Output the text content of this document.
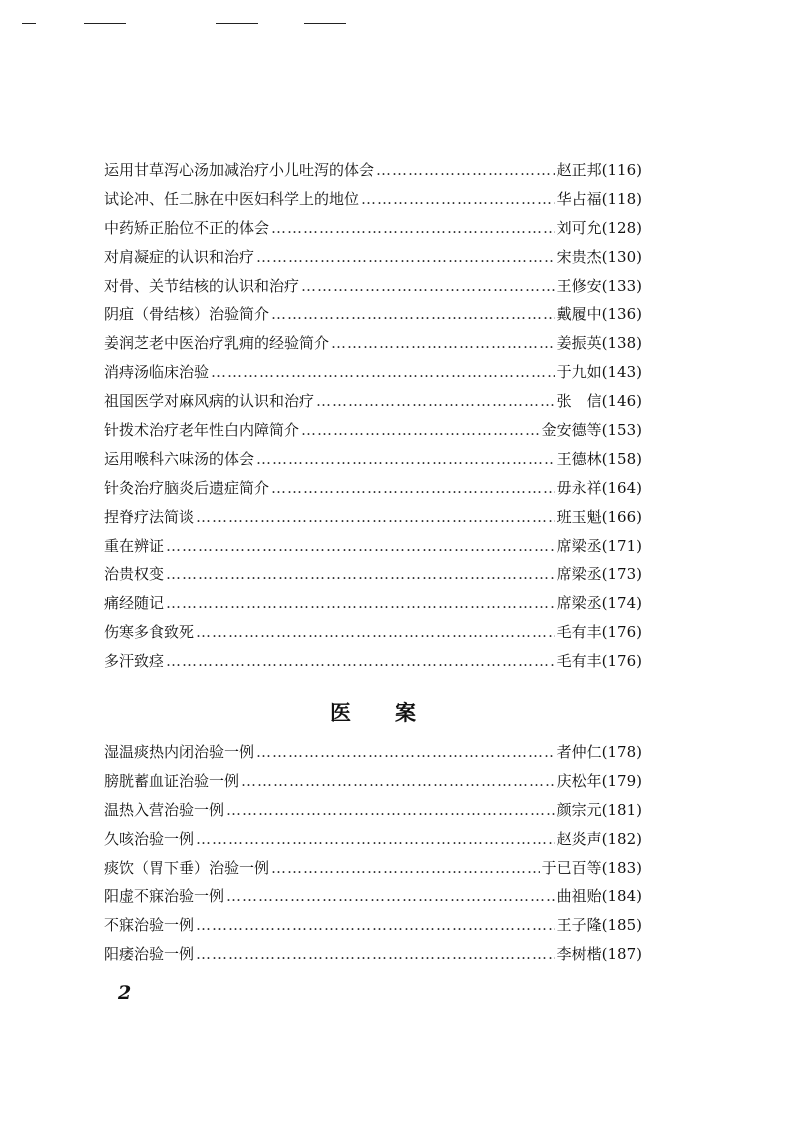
运用甘草泻心汤加减治疗小儿吐泻的体会 ……………………………………………………………………………………………………………………………………………………………………	赵正邦 (116)
试论冲、任二脉在中医妇科学上的地位 ……………………………………………………………………………………………………………………………………………………………………	华占福 (118)
中药矫正胎位不正的体会 ……………………………………………………………………………………………………………………………………………………………………	刘可允 (128)
对肩凝症的认识和治疗 ……………………………………………………………………………………………………………………………………………………………………	宋贵杰 (130)
对骨、关节结核的认识和治疗 ……………………………………………………………………………………………………………………………………………………………………	王修安 (133)
阴疽（骨结核）治验简介 ……………………………………………………………………………………………………………………………………………………………………	戴履中 (136)
姜润芝老中医治疗乳痈的经验简介 ……………………………………………………………………………………………………………………………………………………………………	姜振英 (138)
消痔汤临床治验 ……………………………………………………………………………………………………………………………………………………………………	于九如 (143)
祖国医学对麻风病的认识和治疗 ……………………………………………………………………………………………………………………………………………………………………	张　信 (146)
针拨术治疗老年性白内障简介 ……………………………………………………………………………………………………………………………………………………………………	金安德等 (153)
运用喉科六味汤的体会 ……………………………………………………………………………………………………………………………………………………………………	王德林 (158)
针灸治疗脑炎后遗症简介 ……………………………………………………………………………………………………………………………………………………………………	毋永祥 (164)
捏脊疗法简谈 ……………………………………………………………………………………………………………………………………………………………………	班玉魁 (166)
重在辨证 ……………………………………………………………………………………………………………………………………………………………………	席梁丞 (171)
治贵权变 ……………………………………………………………………………………………………………………………………………………………………	席梁丞 (173)
痛经随记 ……………………………………………………………………………………………………………………………………………………………………	席梁丞 (174)
伤寒多食致死 ……………………………………………………………………………………………………………………………………………………………………	毛有丰 (176)
多汗致痉 ……………………………………………………………………………………………………………………………………………………………………	毛有丰 (176)
医案
湿温痰热内闭治验一例 ……………………………………………………………………………………………………………………………………………………………………	者仲仁 (178)
膀胱蓄血证治验一例 ……………………………………………………………………………………………………………………………………………………………………	庆松年 (179)
温热入营治验一例 ……………………………………………………………………………………………………………………………………………………………………	颜宗元 (181)
久咳治验一例 ……………………………………………………………………………………………………………………………………………………………………	赵炎声 (182)
痰饮（胃下垂）治验一例 ……………………………………………………………………………………………………………………………………………………………………	于已百等 (183)
阳虚不寐治验一例 ……………………………………………………………………………………………………………………………………………………………………	曲祖贻 (184)
不寐治验一例 ……………………………………………………………………………………………………………………………………………………………………	王子隆 (185)
阳痿治验一例 ……………………………………………………………………………………………………………………………………………………………………	李树楷 (187)
2
